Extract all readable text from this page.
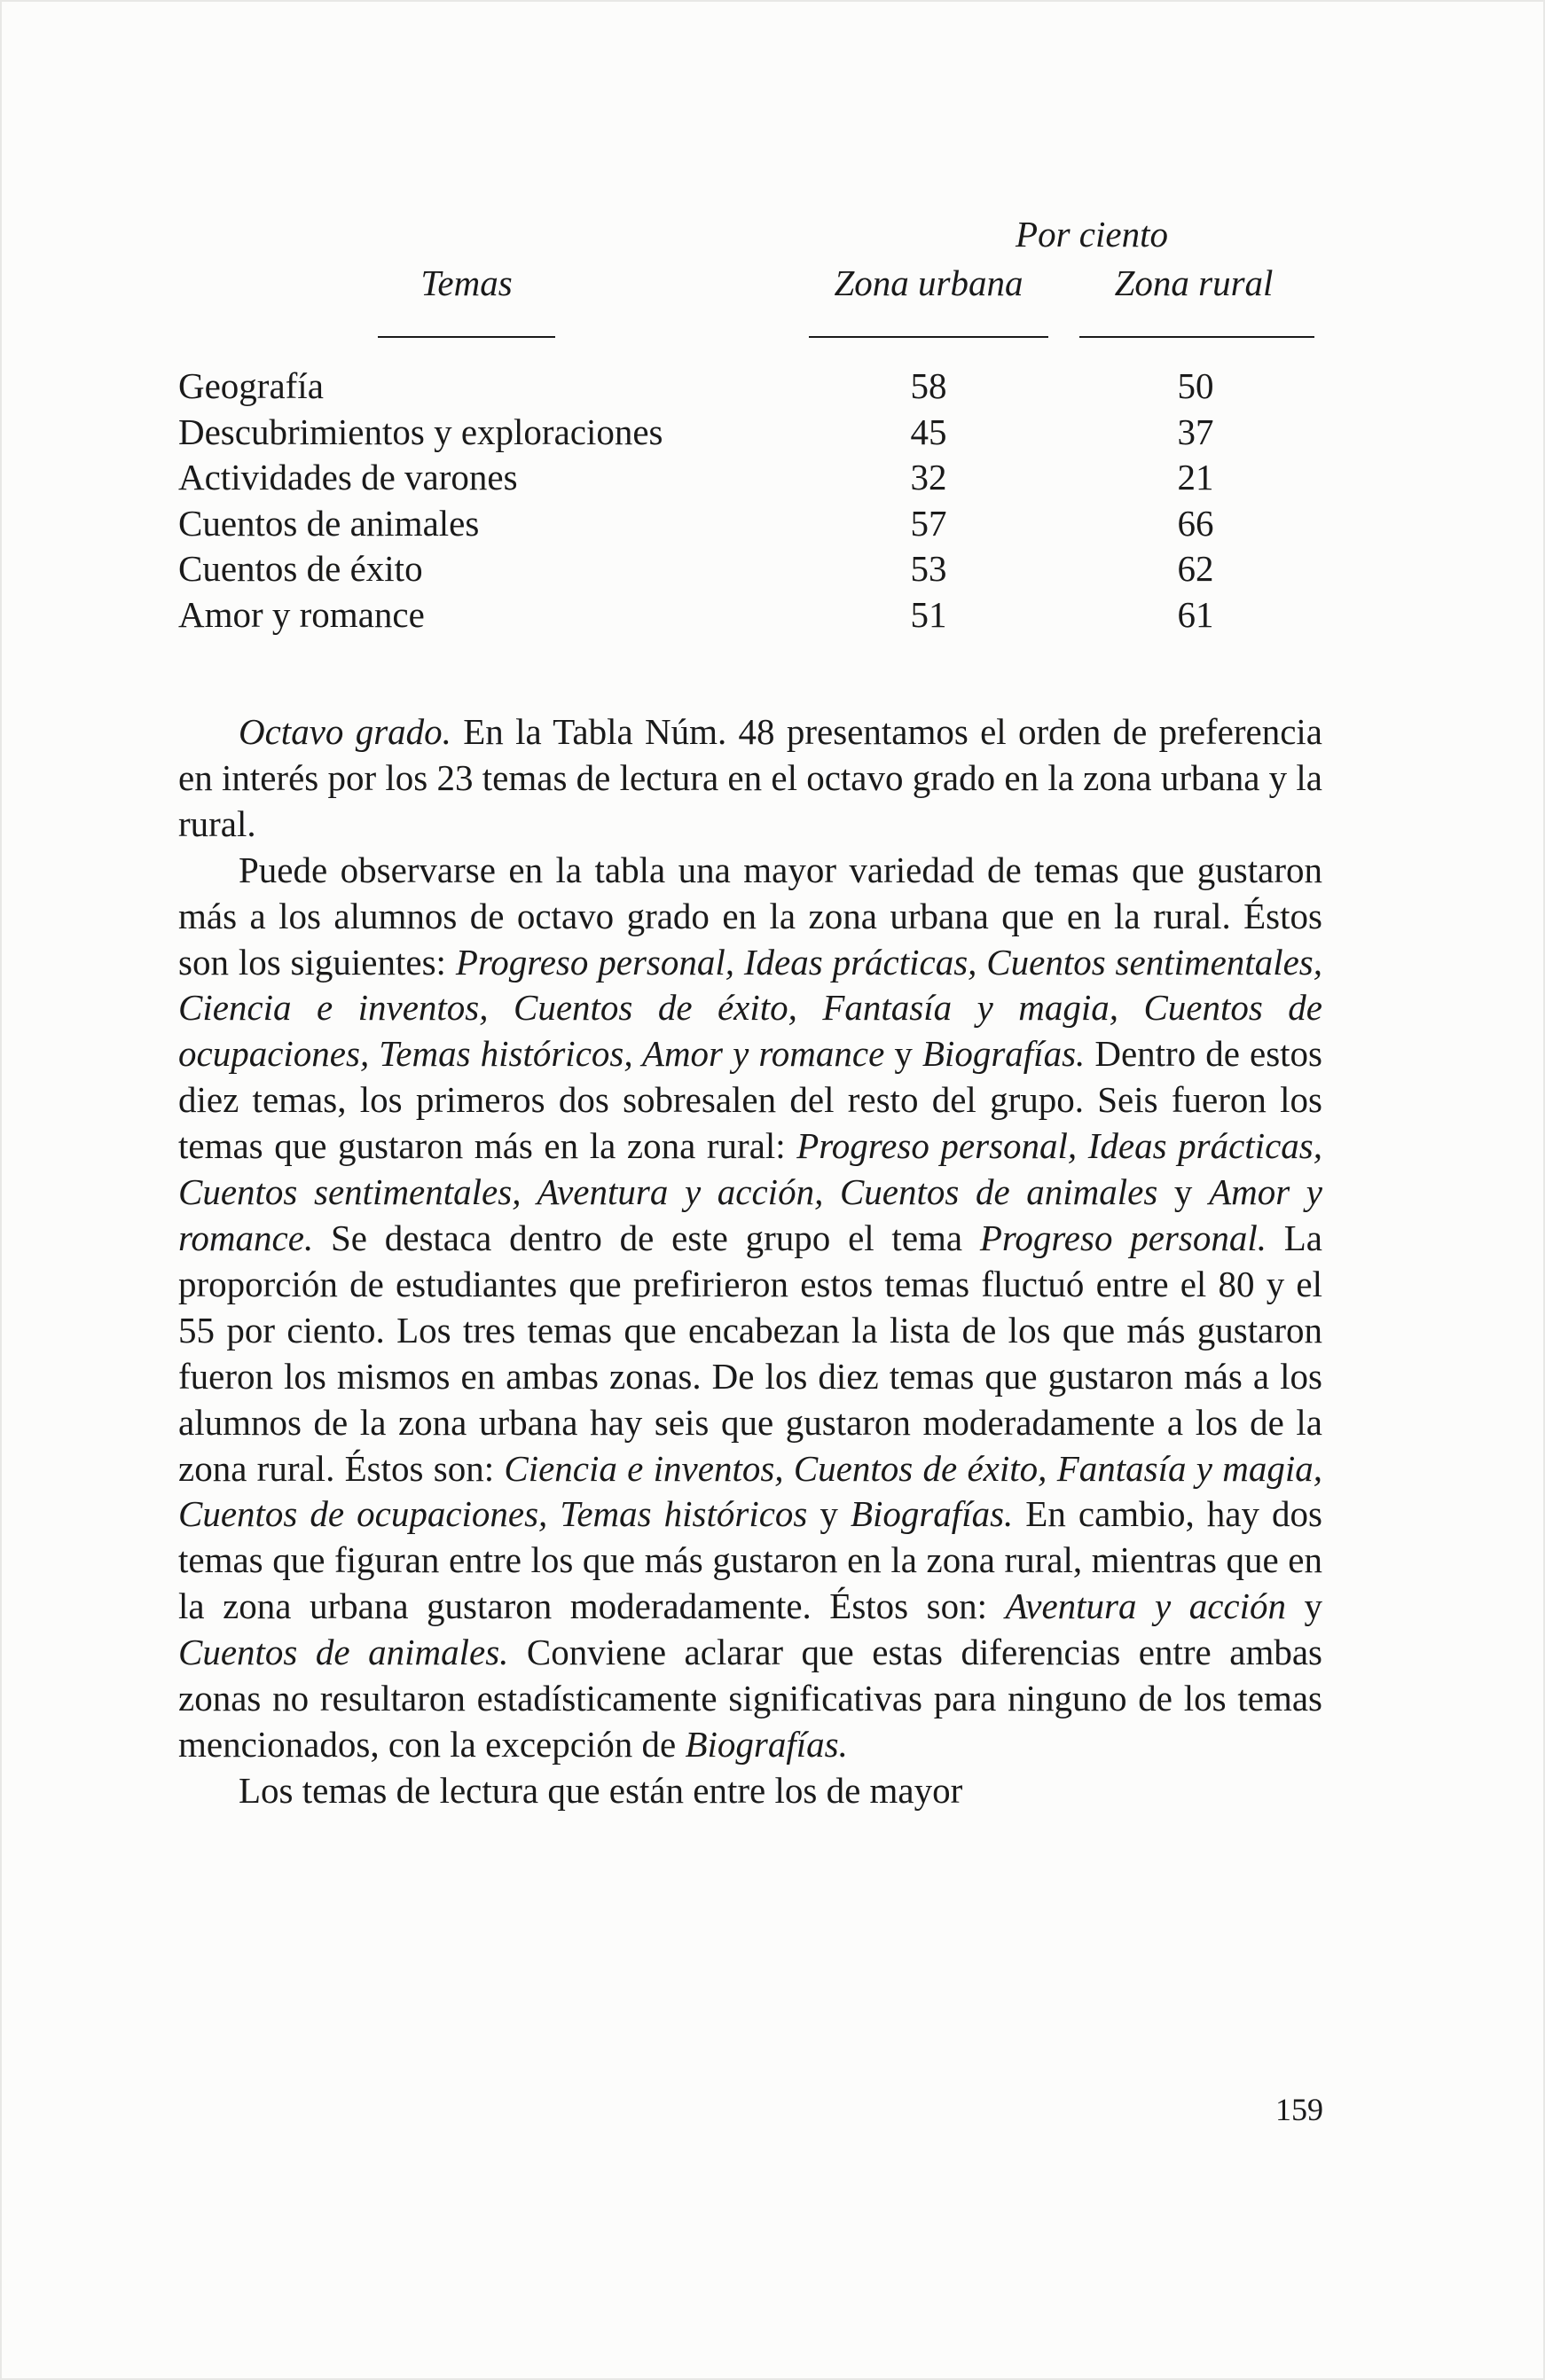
Por ciento
Temas	Zona urbana	Zona rural
Geografía	58	50
Descubrimientos y exploraciones	45	37
Actividades de varones	32	21
Cuentos de animales	57	66
Cuentos de éxito	53	62
Amor y romance	51	61

Octavo grado. En la Tabla Núm. 48 presentamos el orden de preferencia en interés por los 23 temas de lectura en el octavo grado en la zona urbana y la rural.

Puede observarse en la tabla una mayor variedad de temas que gustaron más a los alumnos de octavo grado en la zona urbana que en la rural. Éstos son los siguientes: Progreso personal, Ideas prácticas, Cuentos sentimentales, Ciencia e inventos, Cuentos de éxito, Fantasía y magia, Cuentos de ocupaciones, Temas históricos, Amor y romance y Biografías. Dentro de estos diez temas, los primeros dos sobresalen del resto del grupo. Seis fueron los temas que gustaron más en la zona rural: Progreso personal, Ideas prácticas, Cuentos sentimentales, Aventura y acción, Cuentos de animales y Amor y romance. Se destaca dentro de este grupo el tema Progreso personal. La proporción de estudiantes que prefirieron estos temas fluctuó entre el 80 y el 55 por ciento. Los tres temas que encabezan la lista de los que más gustaron fueron los mismos en ambas zonas. De los diez temas que gustaron más a los alumnos de la zona urbana hay seis que gustaron moderadamente a los de la zona rural. Éstos son: Ciencia e inventos, Cuentos de éxito, Fantasía y magia, Cuentos de ocupaciones, Temas históricos y Biografías. En cambio, hay dos temas que figuran entre los que más gustaron en la zona rural, mientras que en la zona urbana gustaron moderadamente. Éstos son: Aventura y acción y Cuentos de animales. Conviene aclarar que estas diferencias entre ambas zonas no resultaron estadísticamente significativas para ninguno de los temas mencionados, con la excepción de Biografías.

Los temas de lectura que están entre los de mayor

159
